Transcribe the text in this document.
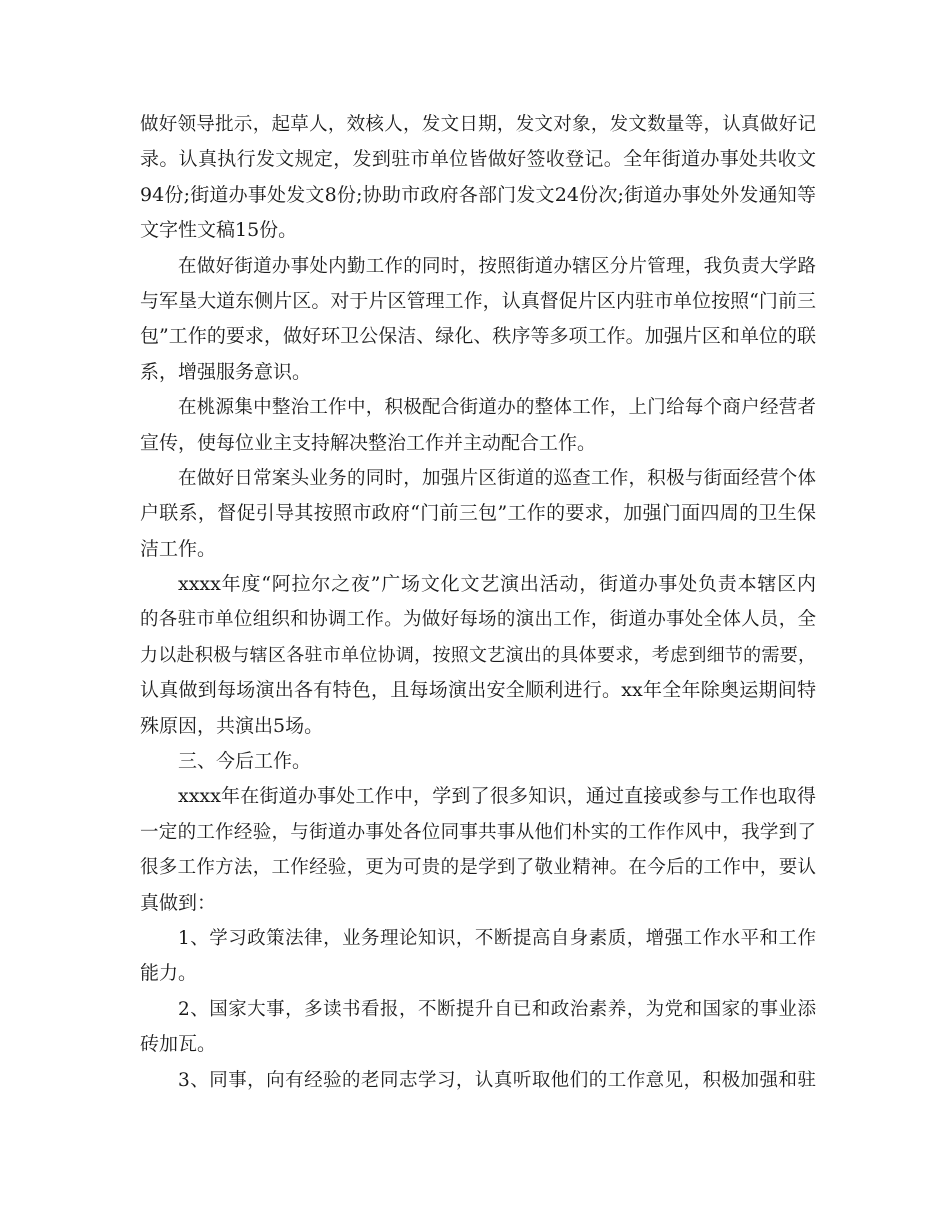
做好领导批示，起草人，效核人，发文日期，发文对象，发文数量等，认真做好记
录。认真执行发文规定，发到驻市单位皆做好签收登记。全年街道办事处共收文
94份;街道办事处发文8份;协助市政府各部门发文24份次;街道办事处外发通知等
文字性文稿15份。
在做好街道办事处内勤工作的同时，按照街道办辖区分片管理，我负责大学路
与军垦大道东侧片区。对于片区管理工作，认真督促片区内驻市单位按照“门前三
包”工作的要求，做好环卫公保洁、绿化、秩序等多项工作。加强片区和单位的联
系，增强服务意识。
在桃源集中整治工作中，积极配合街道办的整体工作，上门给每个商户经营者
宣传，使每位业主支持解决整治工作并主动配合工作。
在做好日常案头业务的同时，加强片区街道的巡查工作，积极与街面经营个体
户联系，督促引导其按照市政府“门前三包”工作的要求，加强门面四周的卫生保
洁工作。
xxxx年度“阿拉尔之夜”广场文化文艺演出活动，街道办事处负责本辖区内
的各驻市单位组织和协调工作。为做好每场的演出工作，街道办事处全体人员，全
力以赴积极与辖区各驻市单位协调，按照文艺演出的具体要求，考虑到细节的需要，
认真做到每场演出各有特色，且每场演出安全顺利进行。xx年全年除奥运期间特
殊原因，共演出5场。
三、今后工作。
xxxx年在街道办事处工作中，学到了很多知识，通过直接或参与工作也取得
一定的工作经验，与街道办事处各位同事共事从他们朴实的工作作风中，我学到了
很多工作方法，工作经验，更为可贵的是学到了敬业精神。在今后的工作中，要认
真做到：
1、学习政策法律，业务理论知识，不断提高自身素质，增强工作水平和工作
能力。
2、国家大事，多读书看报，不断提升自已和政治素养，为党和国家的事业添
砖加瓦。
3、同事，向有经验的老同志学习，认真听取他们的工作意见，积极加强和驻
